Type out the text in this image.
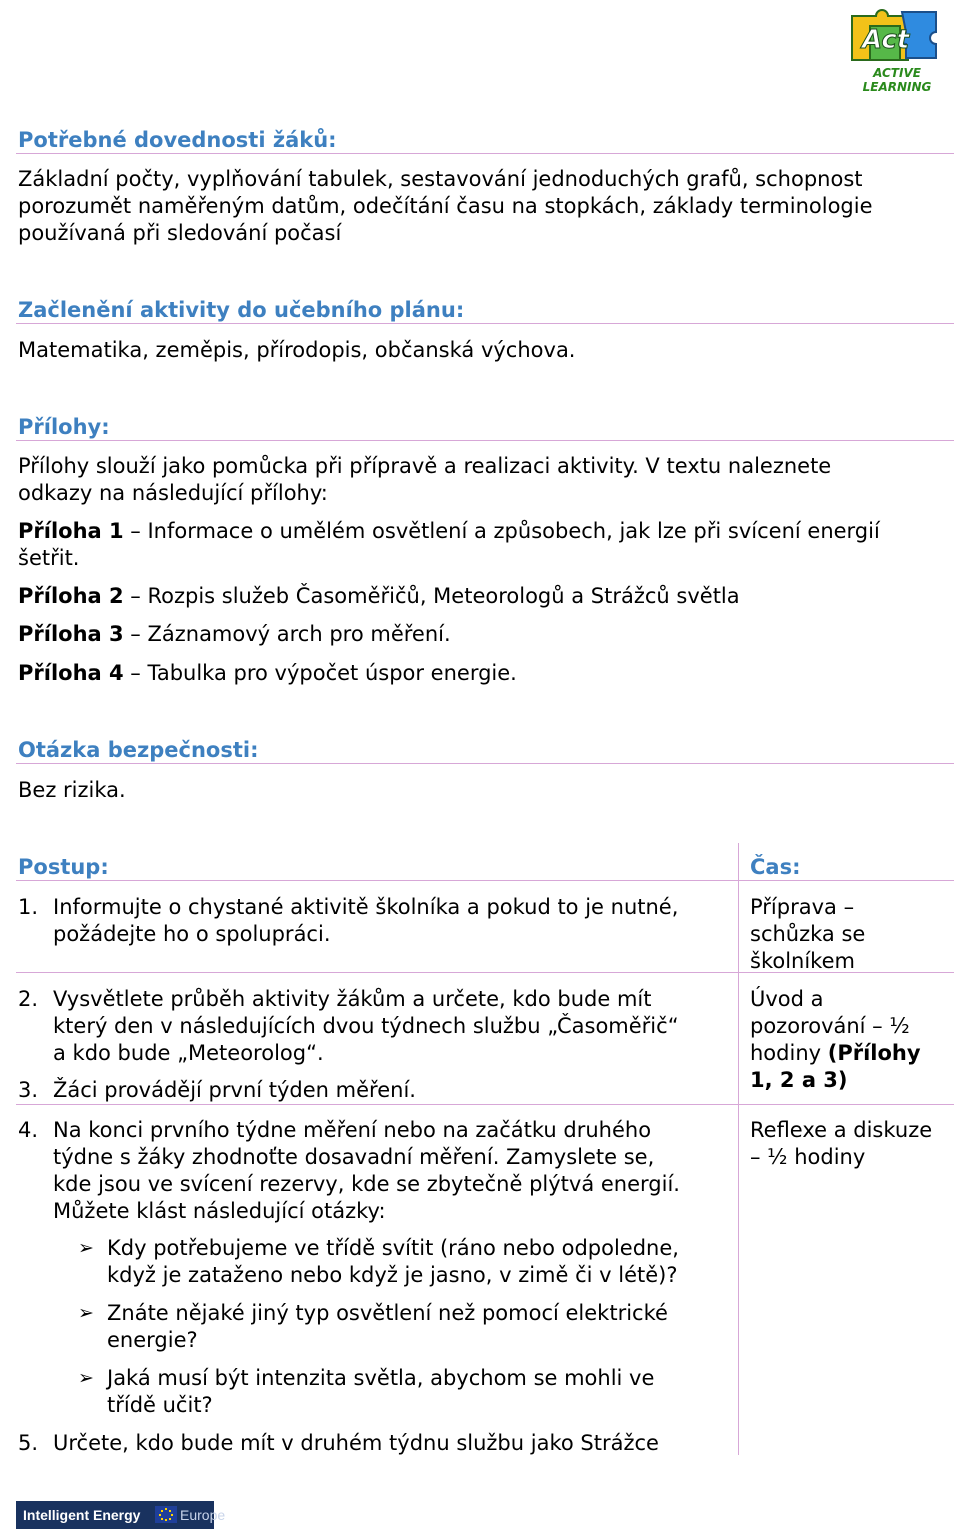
Act
ACTIVE LEARNING
Potřebné dovednosti žáků:
Základní počty, vyplňování tabulek, sestavování jednoduchých grafů, schopnost
porozumět naměřeným datům, odečítání času na stopkách, základy terminologie
používaná při sledování počasí
Začlenění aktivity do učebního plánu:
Matematika, zeměpis, přírodopis, občanská výchova.
Přílohy:
Přílohy slouží jako pomůcka při přípravě a realizaci aktivity. V textu naleznete
odkazy na následující přílohy:
Příloha 1 – Informace o umělém osvětlení a způsobech, jak lze při svícení energií
šetřit.
Příloha 2 – Rozpis služeb Časoměřičů, Meteorologů a Strážců světla
Příloha 3 – Záznamový arch pro měření.
Příloha 4 – Tabulka pro výpočet úspor energie.
Otázka bezpečnosti:
Bez rizika.
Postup:	Čas:
1. Informujte o chystané aktivitě školníka a pokud to je nutné,
požádejte ho o spolupráci.
Příprava –
schůzka se
školníkem
2. Vysvětlete průběh aktivity žákům a určete, kdo bude mít
který den v následujících dvou týdnech službu „Časoměřič“
a kdo bude „Meteorolog“.
Úvod a
pozorování – ½
hodiny (Přílohy
1, 2 a 3)
3. Žáci provádějí první týden měření.
4. Na konci prvního týdne měření nebo na začátku druhého
týdne s žáky zhodnoťte dosavadní měření. Zamyslete se,
kde jsou ve svícení rezervy, kde se zbytečně plýtvá energií.
Můžete klást následující otázky:
Reflexe a diskuze
– ½ hodiny
➢ Kdy potřebujeme ve třídě svítit (ráno nebo odpoledne,
když je zataženo nebo když je jasno, v zimě či v létě)?
➢ Znáte nějaké jiný typ osvětlení než pomocí elektrické
energie?
➢ Jaká musí být intenzita světla, abychom se mohli ve
třídě učit?
5. Určete, kdo bude mít v druhém týdnu službu jako Strážce
Intelligent Energy	Europe
